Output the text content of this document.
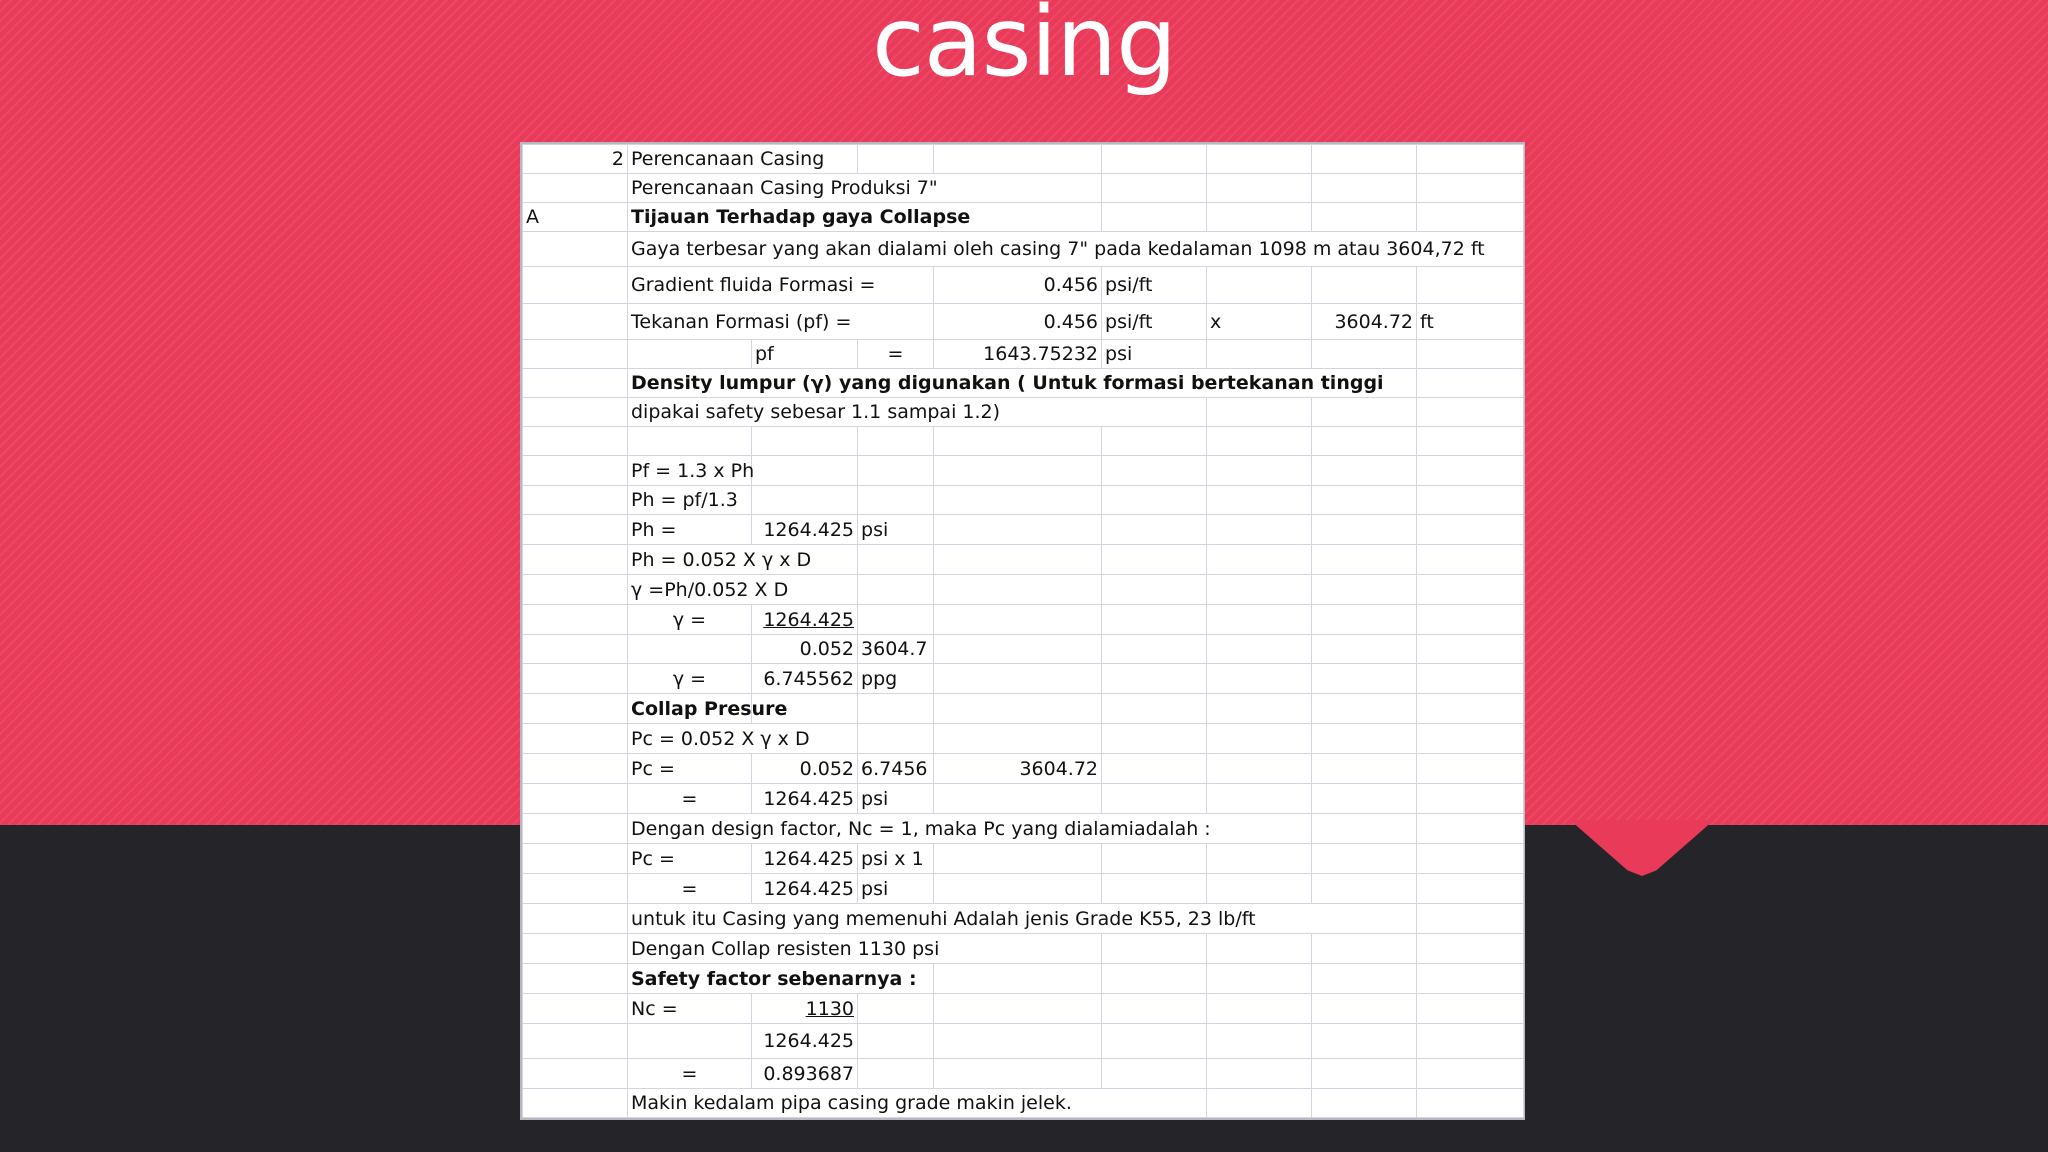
casing
2	Perencanaan Casing							
	Perencanaan Casing Produksi 7"							
A	Tijauan Terhadap gaya Collapse							
	Gaya terbesar yang akan dialami oleh casing 7" pada kedalaman 1098 m atau 3604,72 ft							
	Gradient fluida Formasi =			0.456	psi/ft			
	Tekanan Formasi (pf) =			0.456	psi/ft	x	3604.72	ft
		pf	=	1643.75232	psi			
	Density lumpur (γ) yang digunakan ( Untuk formasi bertekanan tinggi							
	dipakai safety sebesar 1.1 sampai 1.2)							

	Pf = 1.3 x Ph							
	Ph = pf/1.3							
	Ph =	1264.425	psi					
	Ph = 0.052 X γ x D							
	γ =Ph/0.052 X D							
	γ =	1264.425						
		0.052	3604.7					
	γ =	6.745562	ppg					
	Collap Presure							
	Pc = 0.052 X γ x D							
	Pc =	0.052	6.7456	3604.72				
	=	1264.425	psi					
	Dengan design factor, Nc = 1, maka Pc yang dialamiadalah :							
	Pc =	1264.425	psi x 1					
	=	1264.425	psi					
	untuk itu Casing yang memenuhi Adalah jenis Grade K55, 23 lb/ft							
	Dengan Collap resisten 1130 psi							
	Safety factor sebenarnya :							
	Nc =	1130						
		1264.425						
	=	0.893687						
	Makin kedalam pipa casing grade makin jelek.							
